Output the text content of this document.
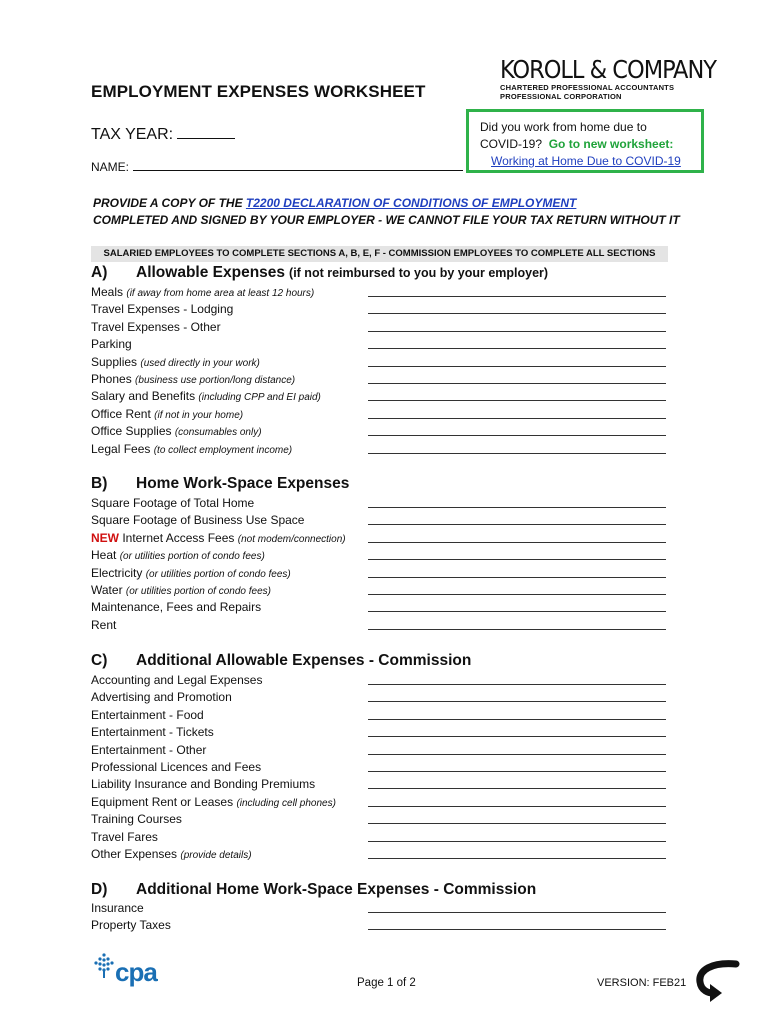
EMPLOYMENT EXPENSES WORKSHEET
KOROLL & COMPANY
CHARTERED PROFESSIONAL ACCOUNTANTS
PROFESSIONAL CORPORATION
TAX YEAR:
NAME:
Did you work from home due to
COVID-19? Go to new worksheet:
Working at Home Due to COVID-19
PROVIDE A COPY OF THE T2200 DECLARATION OF CONDITIONS OF EMPLOYMENT
COMPLETED AND SIGNED BY YOUR EMPLOYER - WE CANNOT FILE YOUR TAX RETURN WITHOUT IT
SALARIED EMPLOYEES TO COMPLETE SECTIONS A, B, E, F - COMMISSION EMPLOYEES TO COMPLETE ALL SECTIONS
A) Allowable Expenses (if not reimbursed to you by your employer)
Meals (if away from home area at least 12 hours)
Travel Expenses - Lodging
Travel Expenses - Other
Parking
Supplies (used directly in your work)
Phones (business use portion/long distance)
Salary and Benefits (including CPP and EI paid)
Office Rent (if not in your home)
Office Supplies (consumables only)
Legal Fees (to collect employment income)
B) Home Work-Space Expenses
Square Footage of Total Home
Square Footage of Business Use Space
NEW Internet Access Fees (not modem/connection)
Heat (or utilities portion of condo fees)
Electricity (or utilities portion of condo fees)
Water (or utilities portion of condo fees)
Maintenance, Fees and Repairs
Rent
C) Additional Allowable Expenses - Commission
Accounting and Legal Expenses
Advertising and Promotion
Entertainment - Food
Entertainment - Tickets
Entertainment - Other
Professional Licences and Fees
Liability Insurance and Bonding Premiums
Equipment Rent or Leases (including cell phones)
Training Courses
Travel Fares
Other Expenses (provide details)
D) Additional Home Work-Space Expenses - Commission
Insurance
Property Taxes
cpa	Page 1 of 2	VERSION: FEB21
